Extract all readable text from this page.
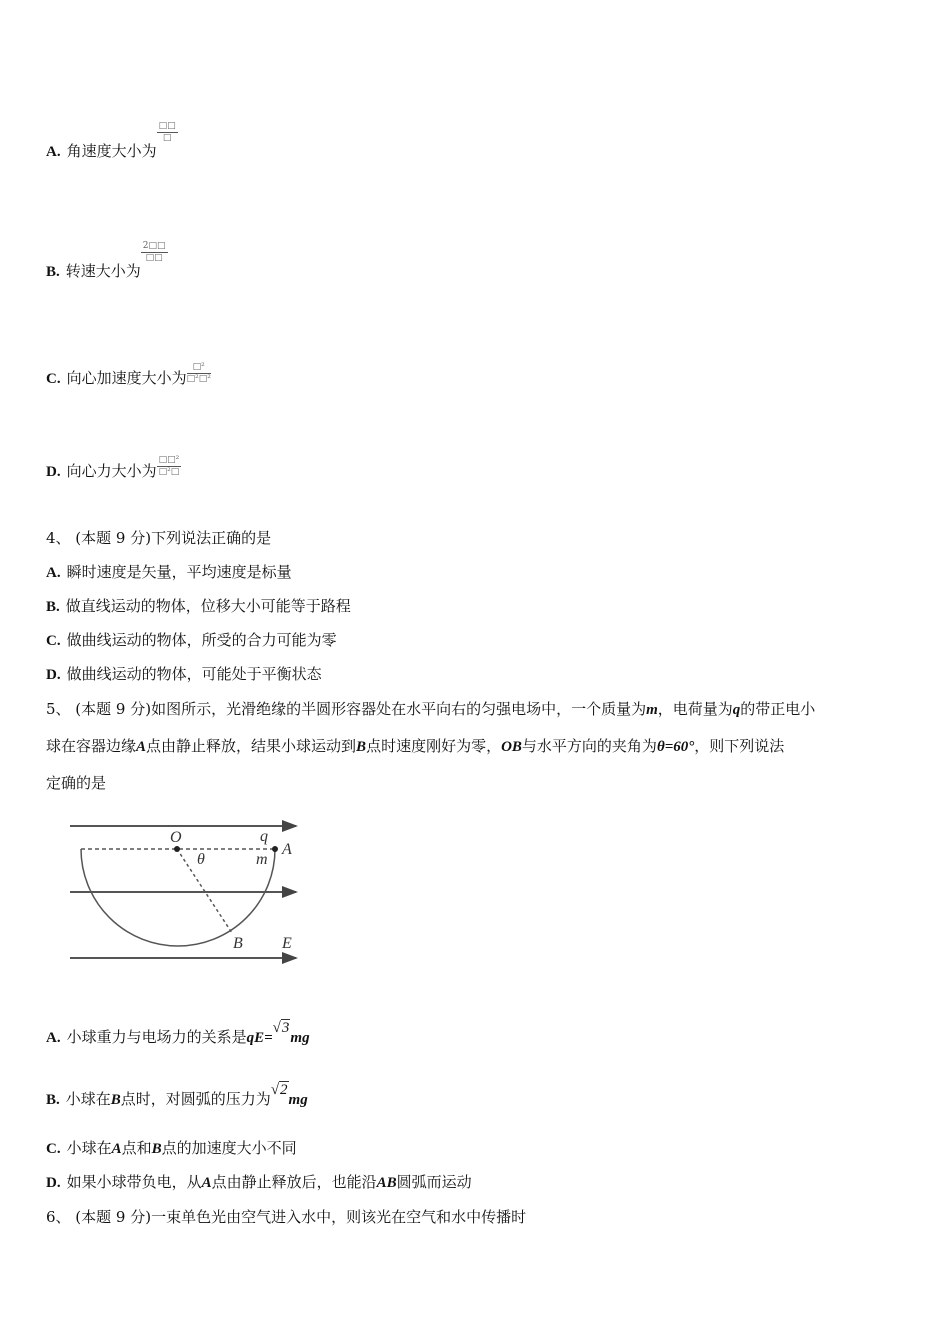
A. 角速度大小为
$\frac{□□}{□}$
B. 转速大小为
$\frac{2□□}{□□}$
C. 向心加速度大小为 $\frac{\text{□²}}{\text{□²□²}}$
D. 向心力大小为 $\frac{\text{□□²}}{\text{□²□}}$
4、 (本题 9 分)下列说法正确的是
A. 瞬时速度是矢量，平均速度是标量
B. 做直线运动的物体，位移大小可能等于路程
C. 做曲线运动的物体，所受的合力可能为零
D. 做曲线运动的物体，可能处于平衡状态
5、 (本题 9 分)如图所示，光滑绝缘的半圆形容器处在水平向右的匀强电场中，一个质量为m，电荷量为q的带正电小
球在容器边缘A点由静止释放，结果小球运动到B点时速度刚好为零，OB与水平方向的夹角为θ=60°，则下列说法
定确的是
O	q
m
A
θ
B E
A. 小球重力与电场力的关系是qE=√3mg
B. 小球在B点时，对圆弧的压力为√2mg
C. 小球在A点和B点的加速度大小不同
D. 如果小球带负电，从A点由静止释放后，也能沿AB圆弧而运动
6、 (本题 9 分)一束单色光由空气进入水中，则该光在空气和水中传播时
